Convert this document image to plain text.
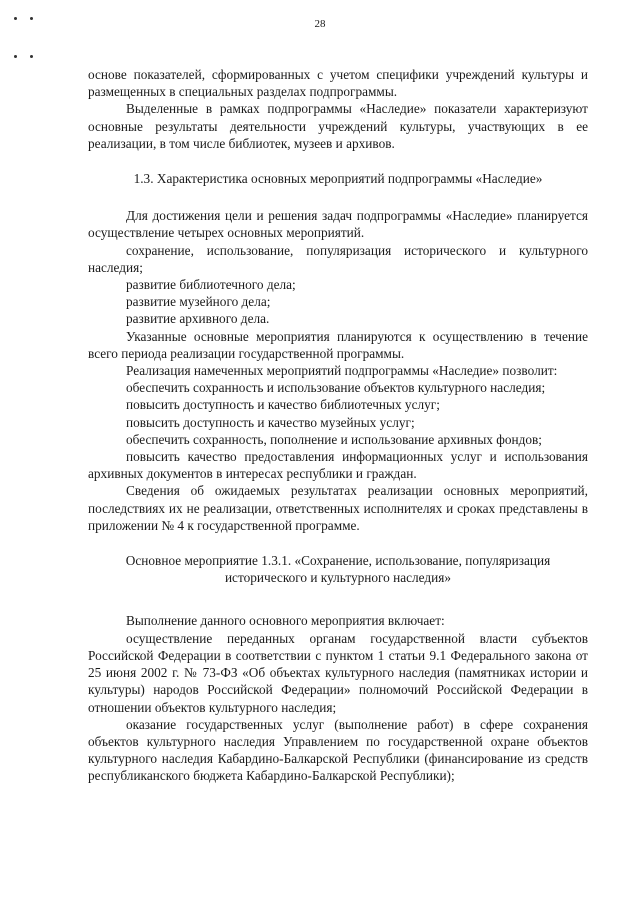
28

основе показателей, сформированных с учетом специфики учреждений культуры и размещенных в специальных разделах подпрограммы.

Выделенные в рамках подпрограммы «Наследие» показатели характеризуют основные результаты деятельности учреждений культуры, участвующих в ее реализации, в том числе библиотек, музеев и архивов.

1.3. Характеристика основных мероприятий подпрограммы «Наследие»

Для достижения цели и решения задач подпрограммы «Наследие» планируется осуществление четырех основных мероприятий.

сохранение, использование, популяризация исторического и культурного наследия;

развитие библиотечного дела;

развитие музейного дела;

развитие архивного дела.

Указанные основные мероприятия планируются к осуществлению в течение всего периода реализации государственной программы.

Реализация намеченных мероприятий подпрограммы «Наследие» позволит:

обеспечить сохранность и использование объектов культурного наследия;

повысить доступность и качество библиотечных услуг;

повысить доступность и качество музейных услуг;

обеспечить сохранность, пополнение и использование архивных фондов;

повысить качество предоставления информационных услуг и использования архивных документов в интересах республики и граждан.

Сведения об ожидаемых результатах реализации основных мероприятий, последствиях их не реализации, ответственных исполнителях и сроках представлены в приложении № 4 к государственной программе.

Основное мероприятие 1.3.1. «Сохранение, использование, популяризация исторического и культурного наследия»

Выполнение данного основного мероприятия включает:

осуществление переданных органам государственной власти субъектов Российской Федерации в соответствии с пунктом 1 статьи 9.1 Федерального закона от 25 июня 2002 г. № 73-ФЗ «Об объектах культурного наследия (памятниках истории и культуры) народов Российской Федерации» полномочий Российской Федерации в отношении объектов культурного наследия;

оказание государственных услуг (выполнение работ) в сфере сохранения объектов культурного наследия Управлением по государственной охране объектов культурного наследия Кабардино-Балкарской Республики (финансирование из средств республиканского бюджета Кабардино-Балкарской Республики);
